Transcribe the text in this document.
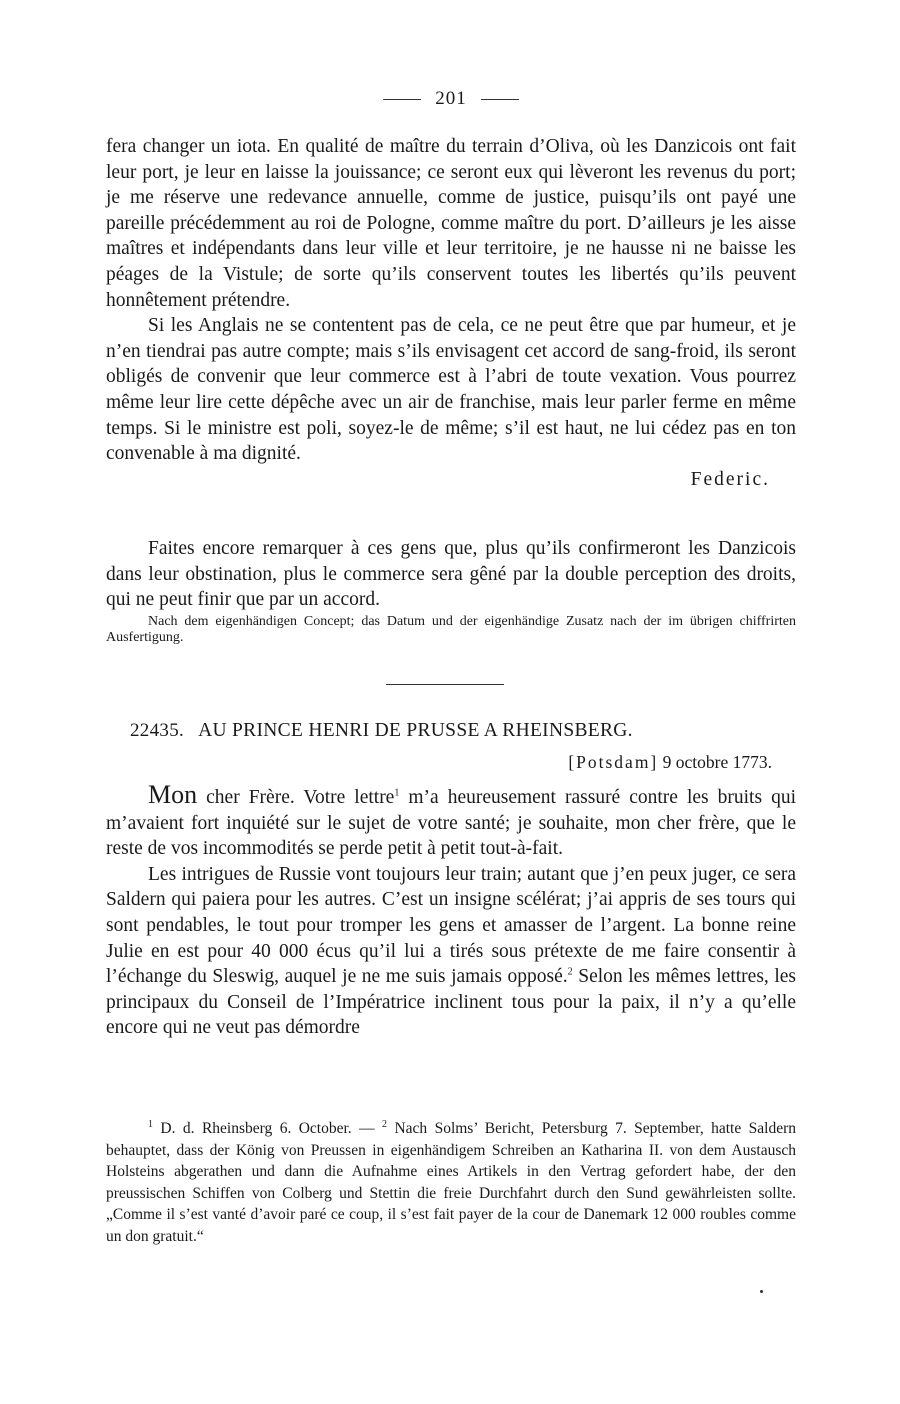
201

fera changer un iota. En qualité de maître du terrain d’Oliva, où les Danzicois ont fait leur port, je leur en laisse la jouissance; ce seront eux qui lèveront les revenus du port; je me réserve une redevance annuelle, comme de justice, puisqu’ils ont payé une pareille précédemment au roi de Pologne, comme maître du port. D’ailleurs je les aisse maîtres et indépendants dans leur ville et leur territoire, je ne hausse ni ne baisse les péages de la Vistule; de sorte qu’ils conservent toutes les libertés qu’ils peuvent honnêtement prétendre.

Si les Anglais ne se contentent pas de cela, ce ne peut être que par humeur, et je n’en tiendrai pas autre compte; mais s’ils envisagent cet accord de sang-froid, ils seront obligés de convenir que leur commerce est à l’abri de toute vexation. Vous pourrez même leur lire cette dépêche avec un air de franchise, mais leur parler ferme en même temps. Si le ministre est poli, soyez-le de même; s’il est haut, ne lui cédez pas en ton convenable à ma dignité.

Federic.

Faites encore remarquer à ces gens que, plus qu’ils confirmeront les Danzicois dans leur obstination, plus le commerce sera gêné par la double perception des droits, qui ne peut finir que par un accord.

Nach dem eigenhändigen Concept; das Datum und der eigenhändige Zusatz nach der im übrigen chiffrirten Ausfertigung.

22435. AU PRINCE HENRI DE PRUSSE A RHEINSBERG.
[Potsdam] 9 octobre 1773.

Mon cher Frère. Votre lettre$^1$ m’a heureusement rassuré contre les bruits qui m’avaient fort inquiété sur le sujet de votre santé; je souhaite, mon cher frère, que le reste de vos incommodités se perde petit à petit tout-à-fait.

Les intrigues de Russie vont toujours leur train; autant que j’en peux juger, ce sera Saldern qui paiera pour les autres. C’est un insigne scélérat; j’ai appris de ses tours qui sont pendables, le tout pour tromper les gens et amasser de l’argent. La bonne reine Julie en est pour 40 000 écus qu’il lui a tirés sous prétexte de me faire consentir à l’échange du Sleswig, auquel je ne me suis jamais opposé.$^2$ Selon les mêmes lettres, les principaux du Conseil de l’Impératrice inclinent tous pour la paix, il n’y a qu’elle encore qui ne veut pas démordre

$^1$ D. d. Rheinsberg 6. October. — $^2$ Nach Solms’ Bericht, Petersburg 7. September, hatte Saldern behauptet, dass der König von Preussen in eigenhändigem Schreiben an Katharina II. von dem Austausch Holsteins abgerathen und dann die Aufnahme eines Artikels in den Vertrag gefordert habe, der den preussischen Schiffen von Colberg und Stettin die freie Durchfahrt durch den Sund gewährleisten sollte. „Comme il s’est vanté d’avoir paré ce coup, il s’est fait payer de la cour de Danemark 12 000 roubles comme un don gratuit.“
